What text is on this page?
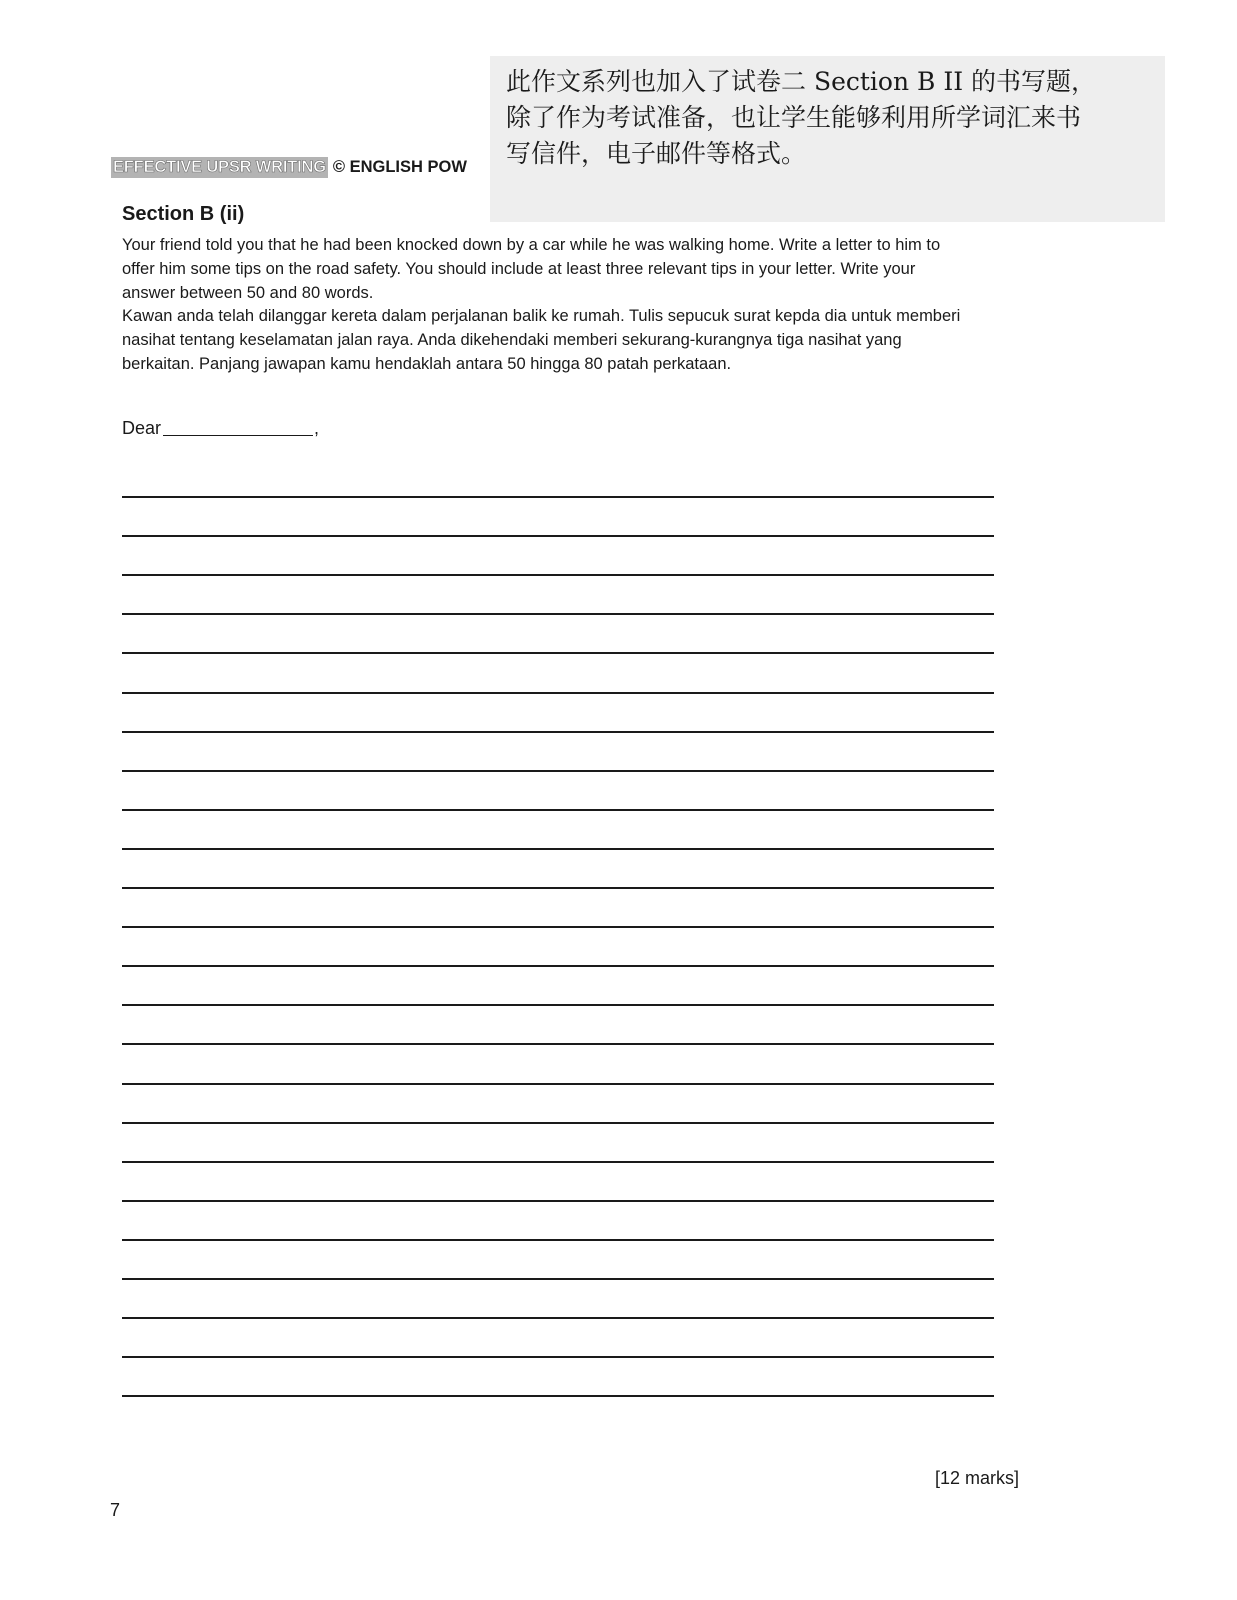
EFFECTIVE UPSR WRITING © ENGLISH POW
此作文系列也加入了试卷二 Section B II 的书写题，
除了作为考试准备，也让学生能够利用所学词汇来书
写信件，电子邮件等格式。
Section B (ii)
Your friend told you that he had been knocked down by a car while he was walking home. Write a letter to him to
offer him some tips on the road safety. You should include at least three relevant tips in your letter. Write your
answer between 50 and 80 words.
Kawan anda telah dilanggar kereta dalam perjalanan balik ke rumah. Tulis sepucuk surat kepda dia untuk memberi
nasihat tentang keselamatan jalan raya. Anda dikehendaki memberi sekurang-kurangnya tiga nasihat yang
berkaitan. Panjang jawapan kamu hendaklah antara 50 hingga 80 patah perkataan.
Dear	,
[12 marks]
7
